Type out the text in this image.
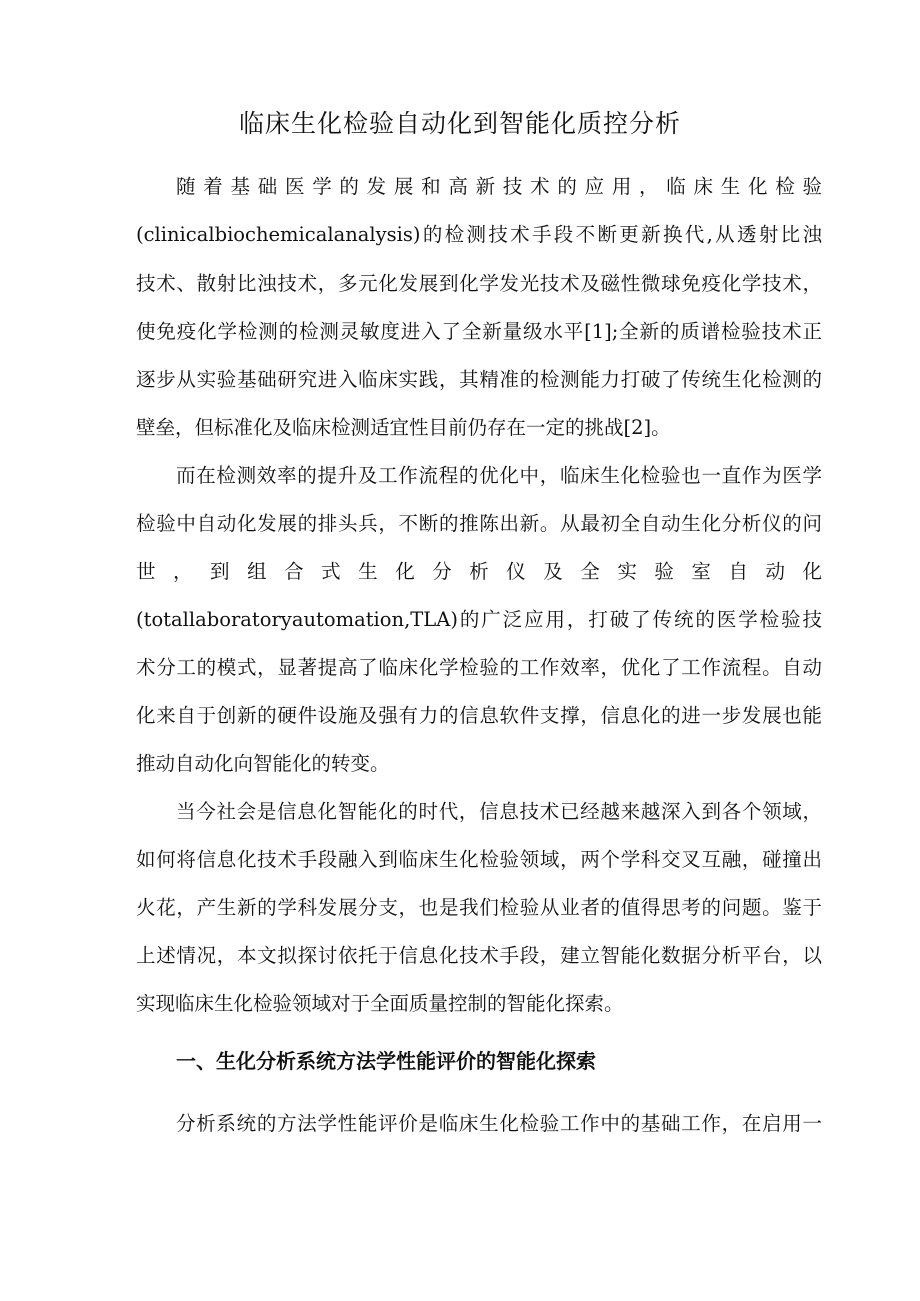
临床生化检验自动化到智能化质控分析

随 着 基 础 医 学 的 发 展 和 高 新 技 术 的 应 用 ， 临 床 生 化 检 验

(clinicalbiochemicalanalysis)的检测技术手段不断更新换代,从透射比浊

技术、散射比浊技术，多元化发展到化学发光技术及磁性微球免疫化学技术，

使免疫化学检测的检测灵敏度进入了全新量级水平[1];全新的质谱检验技术正

逐步从实验基础研究进入临床实践，其精准的检测能力打破了传统生化检测的

壁垒，但标准化及临床检测适宜性目前仍存在一定的挑战[2]。

而在检测效率的提升及工作流程的优化中，临床生化检验也一直作为医学

检验中自动化发展的排头兵，不断的推陈出新。从最初全自动生化分析仪的问

世 ， 到 组 合 式 生 化 分 析 仪 及 全 实 验 室 自 动 化

(totallaboratoryautomation,TLA)的广泛应用，打破了传统的医学检验技

术分工的模式，显著提高了临床化学检验的工作效率，优化了工作流程。自动

化来自于创新的硬件设施及强有力的信息软件支撑，信息化的进一步发展也能

推动自动化向智能化的转变。

当今社会是信息化智能化的时代，信息技术已经越来越深入到各个领域，

如何将信息化技术手段融入到临床生化检验领域，两个学科交叉互融，碰撞出

火花，产生新的学科发展分支，也是我们检验从业者的值得思考的问题。鉴于

上述情况，本文拟探讨依托于信息化技术手段，建立智能化数据分析平台，以

实现临床生化检验领域对于全面质量控制的智能化探索。

一、生化分析系统方法学性能评价的智能化探索

分析系统的方法学性能评价是临床生化检验工作中的基础工作，在启用一
